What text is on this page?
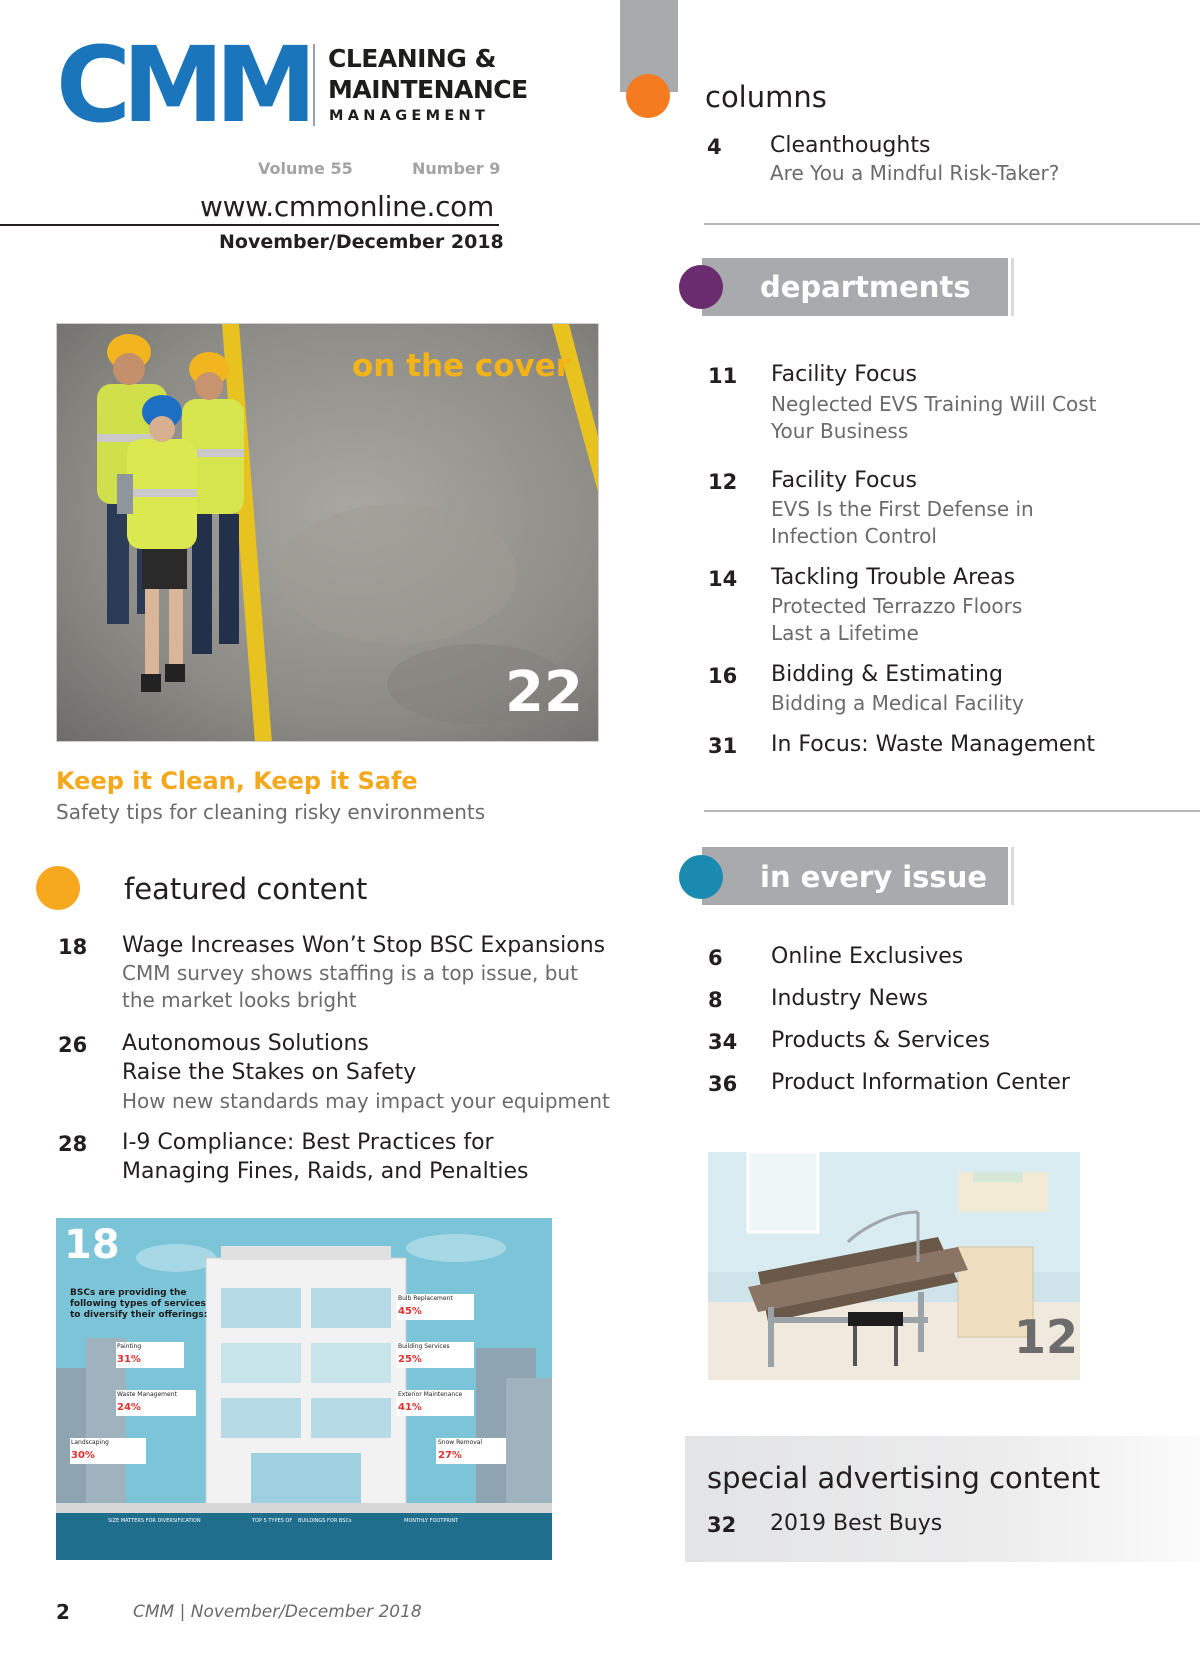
CMM CLEANING &
MAINTENANCE
MANAGEMENT
Volume 55	Number 9
www.cmmonline.com
November/December 2018
on the cover
22
Keep it Clean, Keep it Safe
Safety tips for cleaning risky environments
featured content
18 Wage Increases Won’t Stop BSC Expansions
CMM survey shows staffing is a top issue, but
the market looks bright
26 Autonomous Solutions
Raise the Stakes on Safety
How new standards may impact your equipment
28 I-9 Compliance: Best Practices for
Managing Fines, Raids, and Penalties
18
BSCs are providing the
following types of services
to diversify their offerings:
Painting
31%
Waste Management
24%
Landscaping
30%
Bulb Replacement
45%
Building Services
25%
Exterior Maintenance
41%
Snow Removal
27%
SIZE MATTERS FOR DIVERSIFICATION	TOP 5 TYPES OF BUILDINGS FOR BSCs	MONTHLY FOOTPRINT
columns
4 Cleanthoughts
Are You a Mindful Risk-Taker?
departments
11 Facility Focus
Neglected EVS Training Will Cost
Your Business
12 Facility Focus
EVS Is the First Defense in
Infection Control
14 Tackling Trouble Areas
Protected Terrazzo Floors
Last a Lifetime
16 Bidding & Estimating
Bidding a Medical Facility
31 In Focus: Waste Management
in every issue
6 Online Exclusives
8 Industry News
34 Products & Services
36 Product Information Center
12
special advertising content
32 2019 Best Buys
2	CMM | November/December 2018
